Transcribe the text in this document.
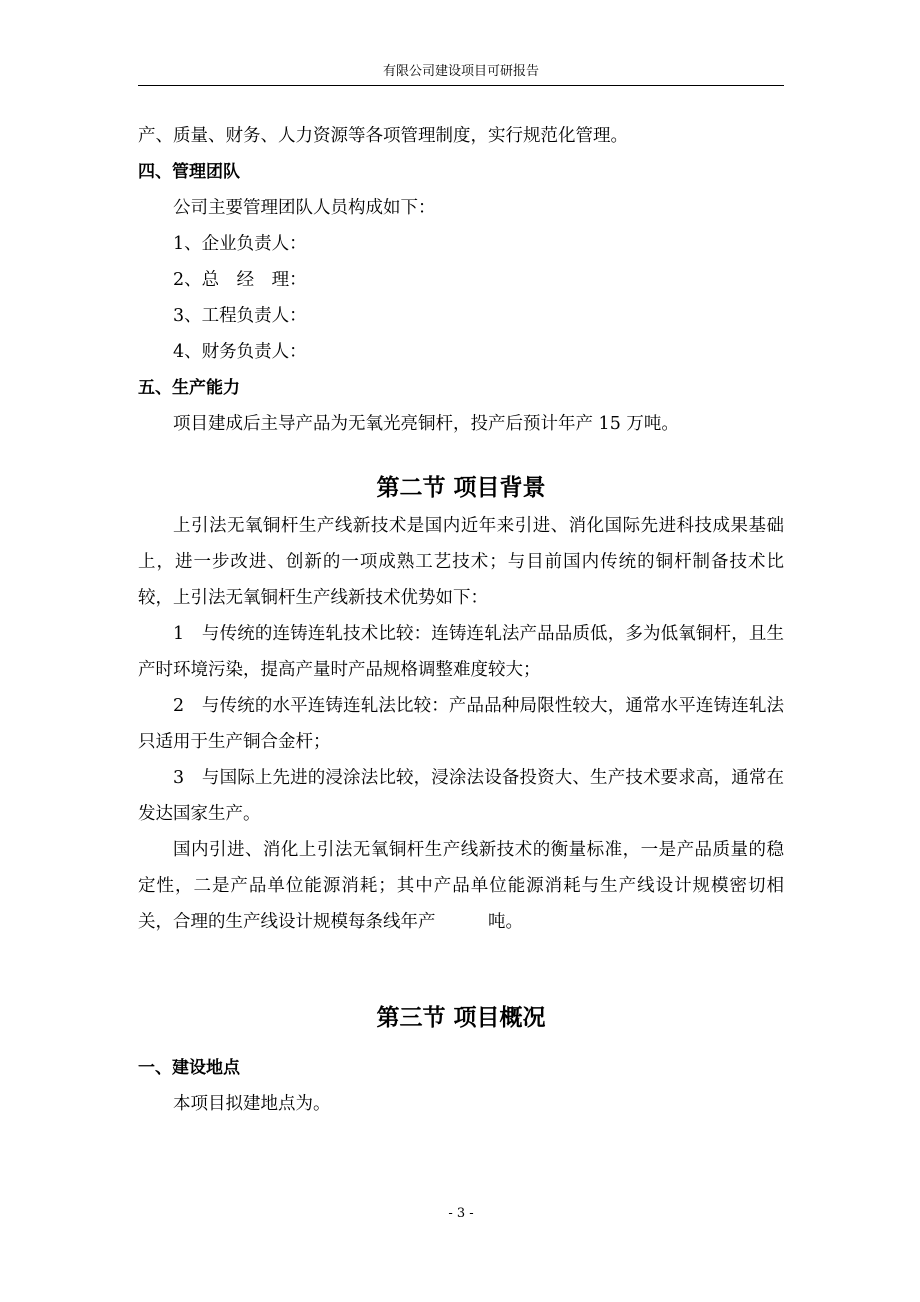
有限公司建设项目可研报告

产、质量、财务、人力资源等各项管理制度，实行规范化管理。

四、管理团队

公司主要管理团队人员构成如下：

1、企业负责人：

2、总　经　理：

3、工程负责人：

4、财务负责人：

五、生产能力

项目建成后主导产品为无氧光亮铜杆，投产后预计年产 15 万吨。

第二节 项目背景

上引法无氧铜杆生产线新技术是国内近年来引进、消化国际先进科技成果基础上，进一步改进、创新的一项成熟工艺技术；与目前国内传统的铜杆制备技术比较，上引法无氧铜杆生产线新技术优势如下：

1　与传统的连铸连轧技术比较：连铸连轧法产品品质低，多为低氧铜杆，且生产时环境污染，提高产量时产品规格调整难度较大；

2　与传统的水平连铸连轧法比较：产品品种局限性较大，通常水平连铸连轧法只适用于生产铜合金杆；

3　与国际上先进的浸涂法比较，浸涂法设备投资大、生产技术要求高，通常在发达国家生产。

国内引进、消化上引法无氧铜杆生产线新技术的衡量标准，一是产品质量的稳定性，二是产品单位能源消耗；其中产品单位能源消耗与生产线设计规模密切相关，合理的生产线设计规模每条线年产　　　吨。

第三节 项目概况

一、建设地点

本项目拟建地点为。

- 3 -
